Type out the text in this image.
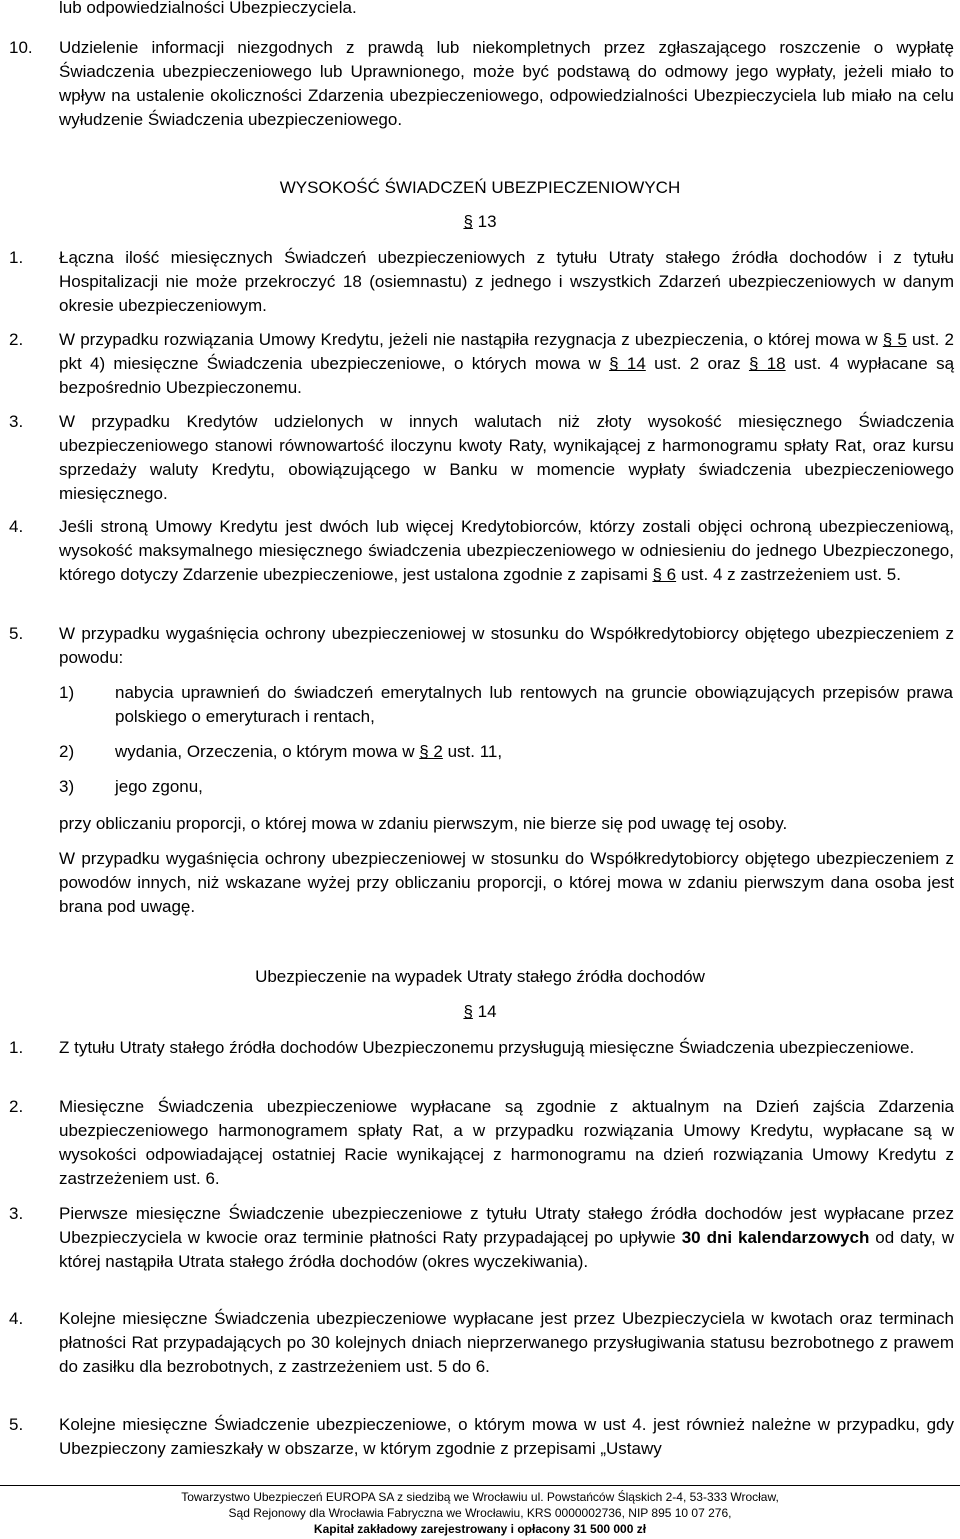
lub odpowiedzialności Ubezpieczyciela.
10. Udzielenie informacji niezgodnych z prawdą lub niekompletnych przez zgłaszającego roszczenie o wypłatę Świadczenia ubezpieczeniowego lub Uprawnionego, może być podstawą do odmowy jego wypłaty, jeżeli miało to wpływ na ustalenie okoliczności Zdarzenia ubezpieczeniowego, odpowiedzialności Ubezpieczyciela lub miało na celu wyłudzenie Świadczenia ubezpieczeniowego.
WYSOKOŚĆ ŚWIADCZEŃ UBEZPIECZENIOWYCH
§ 13
1. Łączna ilość miesięcznych Świadczeń ubezpieczeniowych z tytułu Utraty stałego źródła dochodów i z tytułu Hospitalizacji nie może przekroczyć 18 (osiemnastu) z jednego i wszystkich Zdarzeń ubezpieczeniowych w danym okresie ubezpieczeniowym.
2. W przypadku rozwiązania Umowy Kredytu, jeżeli nie nastąpiła rezygnacja z ubezpieczenia, o której mowa w § 5 ust. 2 pkt 4) miesięczne Świadczenia ubezpieczeniowe, o których mowa w § 14 ust. 2 oraz § 18 ust. 4 wypłacane są bezpośrednio Ubezpieczonemu.
3. W przypadku Kredytów udzielonych w innych walutach niż złoty wysokość miesięcznego Świadczenia ubezpieczeniowego stanowi równowartość iloczynu kwoty Raty, wynikającej z harmonogramu spłaty Rat, oraz kursu sprzedaży waluty Kredytu, obowiązującego w Banku w momencie wypłaty świadczenia ubezpieczeniowego miesięcznego.
4. Jeśli stroną Umowy Kredytu jest dwóch lub więcej Kredytobiorców, którzy zostali objęci ochroną ubezpieczeniową, wysokość maksymalnego miesięcznego świadczenia ubezpieczeniowego w odniesieniu do jednego Ubezpieczonego, którego dotyczy Zdarzenie ubezpieczeniowe, jest ustalona zgodnie z zapisami § 6 ust. 4 z zastrzeżeniem ust. 5.
5. W przypadku wygaśnięcia ochrony ubezpieczeniowej w stosunku do Współkredytobiorcy objętego ubezpieczeniem z powodu:
1) nabycia uprawnień do świadczeń emerytalnych lub rentowych na gruncie obowiązujących przepisów prawa polskiego o emeryturach i rentach,
2) wydania, Orzeczenia, o którym mowa w § 2 ust. 11,
3) jego zgonu,
przy obliczaniu proporcji, o której mowa w zdaniu pierwszym, nie bierze się pod uwagę tej osoby.
W przypadku wygaśnięcia ochrony ubezpieczeniowej w stosunku do Współkredytobiorcy objętego ubezpieczeniem z powodów innych, niż wskazane wyżej przy obliczaniu proporcji, o której mowa w zdaniu pierwszym dana osoba jest brana pod uwagę.
Ubezpieczenie na wypadek Utraty stałego źródła dochodów
§ 14
1. Z tytułu Utraty stałego źródła dochodów Ubezpieczonemu przysługują miesięczne Świadczenia ubezpieczeniowe.
2. Miesięczne Świadczenia ubezpieczeniowe wypłacane są zgodnie z aktualnym na Dzień zajścia Zdarzenia ubezpieczeniowego harmonogramem spłaty Rat, a w przypadku rozwiązania Umowy Kredytu, wypłacane są w wysokości odpowiadającej ostatniej Racie wynikającej z harmonogramu na dzień rozwiązania Umowy Kredytu z zastrzeżeniem ust. 6.
3. Pierwsze miesięczne Świadczenie ubezpieczeniowe z tytułu Utraty stałego źródła dochodów jest wypłacane przez Ubezpieczyciela w kwocie oraz terminie płatności Raty przypadającej po upływie 30 dni kalendarzowych od daty, w której nastąpiła Utrata stałego źródła dochodów (okres wyczekiwania).
4. Kolejne miesięczne Świadczenia ubezpieczeniowe wypłacane jest przez Ubezpieczyciela w kwotach oraz terminach płatności Rat przypadających po 30 kolejnych dniach nieprzerwanego przysługiwania statusu bezrobotnego z prawem do zasiłku dla bezrobotnych, z zastrzeżeniem ust. 5 do 6.
5. Kolejne miesięczne Świadczenie ubezpieczeniowe, o którym mowa w ust 4. jest również należne w przypadku, gdy Ubezpieczony zamieszkały w obszarze, w którym zgodnie z przepisami „Ustawy
Towarzystwo Ubezpieczeń EUROPA SA z siedzibą we Wrocławiu ul. Powstańców Śląskich 2-4, 53-333 Wrocław,
Sąd Rejonowy dla Wrocławia Fabryczna we Wrocławiu, KRS 0000002736, NIP 895 10 07 276,
Kapitał zakładowy zarejestrowany i opłacony 31 500 000 zł
